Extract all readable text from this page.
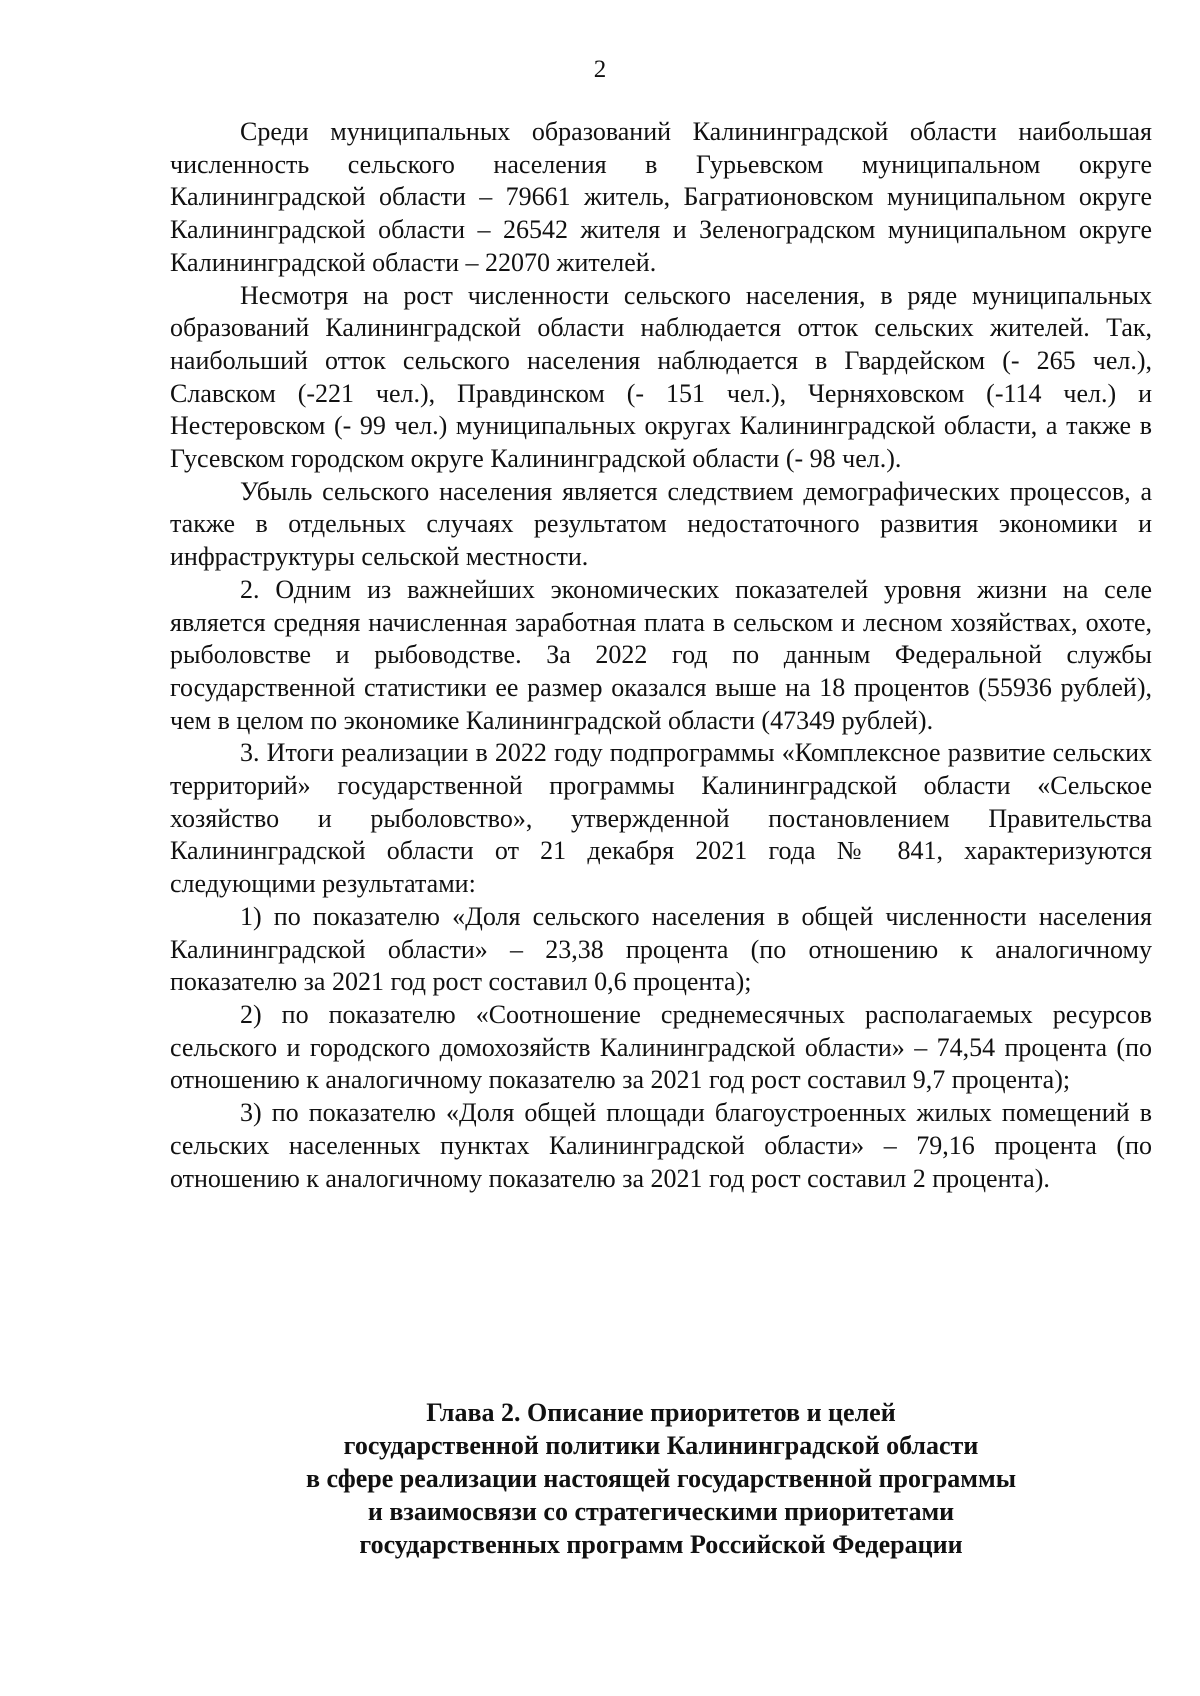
2

Среди муниципальных образований Калининградской области наибольшая численность сельского населения в Гурьевском муниципальном округе Калининградской области – 79661 житель, Багратионовском муниципальном округе Калининградской области – 26542 жителя и Зеленоградском муниципальном округе Калининградской области – 22070 жителей.

Несмотря на рост численности сельского населения, в ряде муниципальных образований Калининградской области наблюдается отток сельских жителей. Так, наибольший отток сельского населения наблюдается в Гвардейском (- 265 чел.), Славском (-221 чел.), Правдинском (- 151 чел.), Черняховском (-114 чел.) и Нестеровском (- 99 чел.) муниципальных округах Калининградской области, а также в Гусевском городском округе Калининградской области (- 98 чел.).

Убыль сельского населения является следствием демографических процессов, а также в отдельных случаях результатом недостаточного развития экономики и инфраструктуры сельской местности.

2. Одним из важнейших экономических показателей уровня жизни на селе является средняя начисленная заработная плата в сельском и лесном хозяйствах, охоте, рыболовстве и рыбоводстве. За 2022 год по данным Федеральной службы государственной статистики ее размер оказался выше на 18 процентов (55936 рублей), чем в целом по экономике Калининградской области (47349 рублей).

3. Итоги реализации в 2022 году подпрограммы «Комплексное развитие сельских территорий» государственной программы Калининградской области «Сельское хозяйство и рыболовство», утвержденной постановлением Правительства Калининградской области от 21 декабря 2021 года № 841, характеризуются следующими результатами:

1) по показателю «Доля сельского населения в общей численности населения Калининградской области» – 23,38 процента (по отношению к аналогичному показателю за 2021 год рост составил 0,6 процента);

2) по показателю «Соотношение среднемесячных располагаемых ресурсов сельского и городского домохозяйств Калининградской области» – 74,54 процента (по отношению к аналогичному показателю за 2021 год рост составил 9,7 процента);

3) по показателю «Доля общей площади благоустроенных жилых помещений в сельских населенных пунктах Калининградской области» – 79,16 процента (по отношению к аналогичному показателю за 2021 год рост составил 2 процента).

Глава 2. Описание приоритетов и целей
государственной политики Калининградской области
в сфере реализации настоящей государственной программы
и взаимосвязи со стратегическими приоритетами
государственных программ Российской Федерации
